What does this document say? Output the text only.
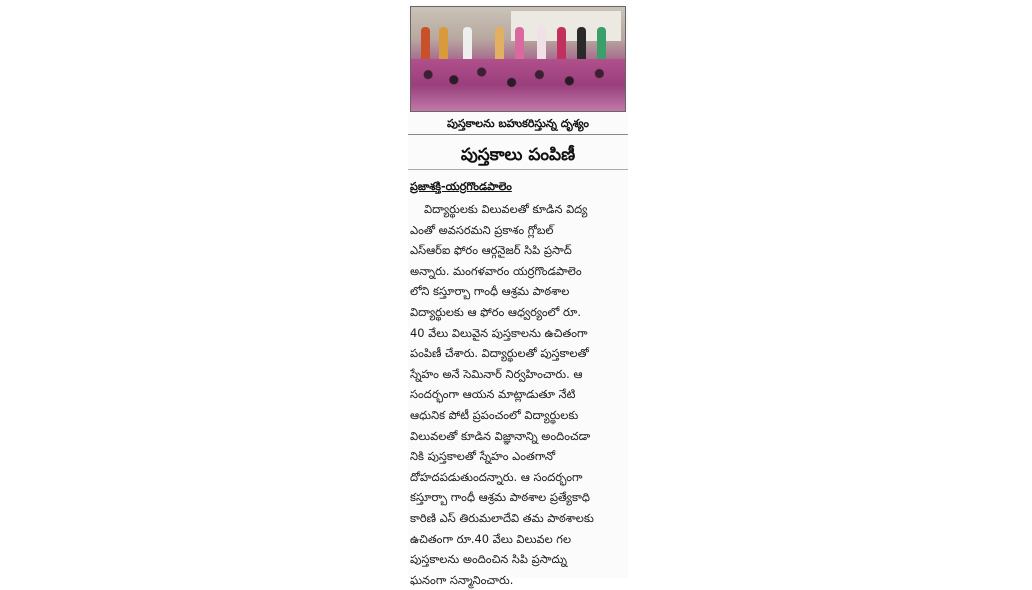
పుస్తకాలను బహుకరిస్తున్న దృశ్యం
పుస్తకాలు పంపిణీ
ప్రజాశక్తి-యర్రగొండపాలెం
విద్యార్థులకు విలువలతో కూడిన విద్య
ఎంతో అవసరమని ప్రకాశం గ్లోబల్
ఎస్ఆర్ఐ ఫోరం ఆర్గనైజర్ సిపి ప్రసాద్
అన్నారు. మంగళవారం యర్రగొండపాలెం
లోని కస్తూర్బా గాంధీ ఆశ్రమ పాఠశాల
విద్యార్థులకు ఆ ఫోరం ఆధ్వర్యంలో రూ.
40 వేలు విలువైన పుస్తకాలను ఉచితంగా
పంపిణీ చేశారు. విద్యార్థులతో పుస్తకాలతో
స్నేహం అనే సెమినార్ నిర్వహించారు. ఆ
సందర్భంగా ఆయన మాట్లాడుతూ నేటి
ఆధునిక పోటీ ప్రపంచంలో విద్యార్థులకు
విలువలతో కూడిన విజ్ఞానాన్ని అందించడా
నికి పుస్తకాలతో స్నేహం ఎంతగానో
దోహదపడుతుందన్నారు. ఆ సందర్భంగా
కస్తూర్బా గాంధీ ఆశ్రమ పాఠశాల ప్రత్యేకాధి
కారిణి ఎస్ తిరుమలాదేవి తమ పాఠశాలకు
ఉచితంగా రూ.40 వేలు విలువల గల
పుస్తకాలను అందించిన సిపి ప్రసాద్ను
ఘనంగా సన్మానించారు.
